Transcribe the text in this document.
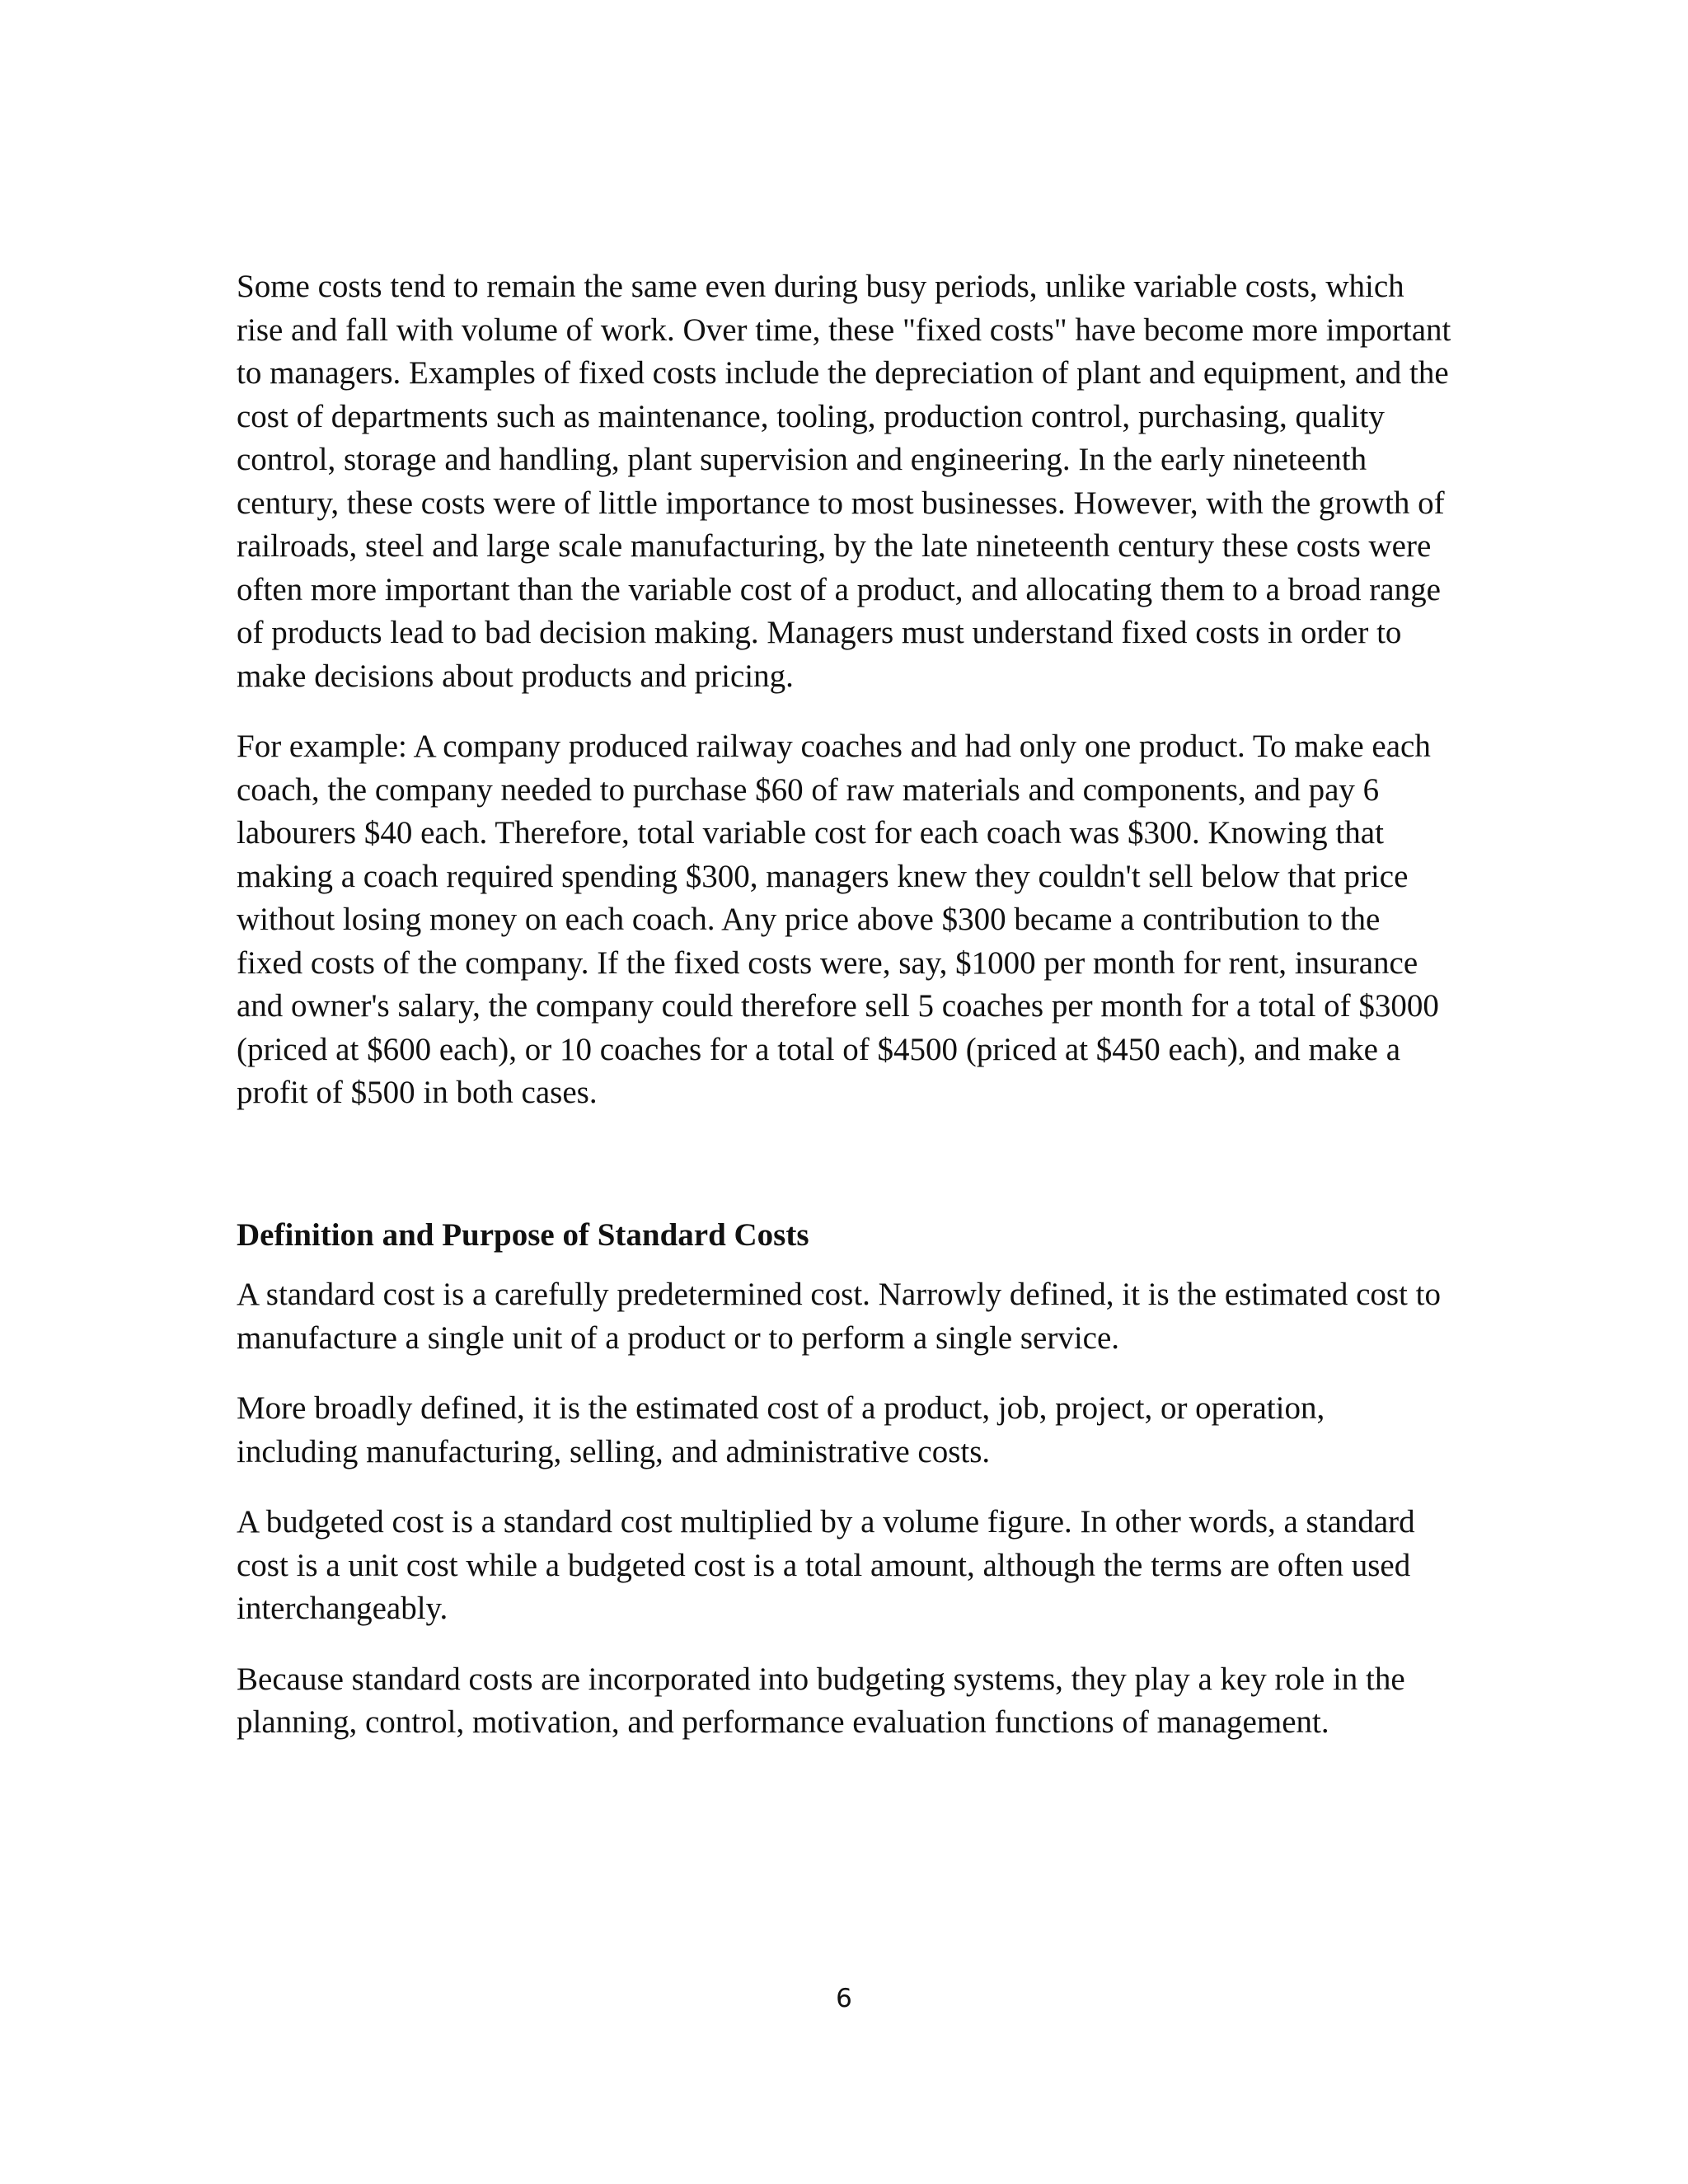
Some costs tend to remain the same even during busy periods, unlike variable costs, which
rise and fall with volume of work. Over time, these "fixed costs" have become more important
to managers. Examples of fixed costs include the depreciation of plant and equipment, and the
cost of departments such as maintenance, tooling, production control, purchasing, quality
control, storage and handling, plant supervision and engineering. In the early nineteenth
century, these costs were of little importance to most businesses. However, with the growth of
railroads, steel and large scale manufacturing, by the late nineteenth century these costs were
often more important than the variable cost of a product, and allocating them to a broad range
of products lead to bad decision making. Managers must understand fixed costs in order to
make decisions about products and pricing.

For example: A company produced railway coaches and had only one product. To make each
coach, the company needed to purchase $60 of raw materials and components, and pay 6
labourers $40 each. Therefore, total variable cost for each coach was $300. Knowing that
making a coach required spending $300, managers knew they couldn't sell below that price
without losing money on each coach. Any price above $300 became a contribution to the
fixed costs of the company. If the fixed costs were, say, $1000 per month for rent, insurance
and owner's salary, the company could therefore sell 5 coaches per month for a total of $3000
(priced at $600 each), or 10 coaches for a total of $4500 (priced at $450 each), and make a
profit of $500 in both cases.

Definition and Purpose of Standard Costs

A standard cost is a carefully predetermined cost. Narrowly defined, it is the estimated cost to
manufacture a single unit of a product or to perform a single service.

More broadly defined, it is the estimated cost of a product, job, project, or operation,
including manufacturing, selling, and administrative costs.

A budgeted cost is a standard cost multiplied by a volume figure. In other words, a standard
cost is a unit cost while a budgeted cost is a total amount, although the terms are often used
interchangeably.

Because standard costs are incorporated into budgeting systems, they play a key role in the
planning, control, motivation, and performance evaluation functions of management.

6
